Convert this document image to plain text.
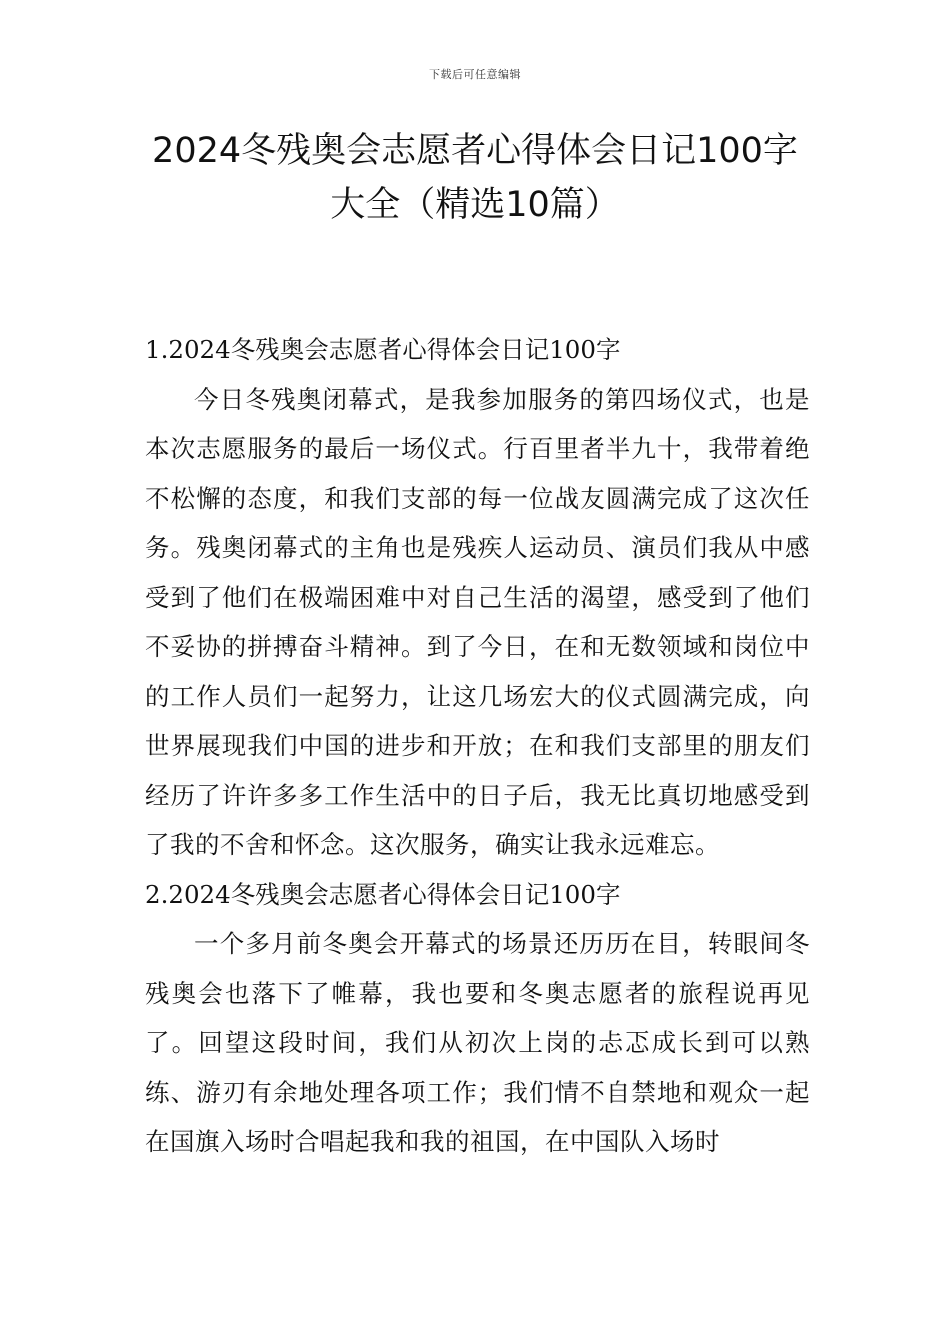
下载后可任意编辑
2024冬残奥会志愿者心得体会日记100字
大全（精选10篇）
1.2024冬残奥会志愿者心得体会日记100字

今日冬残奥闭幕式，是我参加服务的第四场仪式，也是本次志愿服务的最后一场仪式。行百里者半九十，我带着绝不松懈的态度，和我们支部的每一位战友圆满完成了这次任务。残奥闭幕式的主角也是残疾人运动员、演员们我从中感受到了他们在极端困难中对自己生活的渴望，感受到了他们不妥协的拼搏奋斗精神。到了今日，在和无数领域和岗位中的工作人员们一起努力，让这几场宏大的仪式圆满完成，向世界展现我们中国的进步和开放；在和我们支部里的朋友们经历了许许多多工作生活中的日子后，我无比真切地感受到了我的不舍和怀念。这次服务，确实让我永远难忘。

2.2024冬残奥会志愿者心得体会日记100字

一个多月前冬奥会开幕式的场景还历历在目，转眼间冬残奥会也落下了帷幕，我也要和冬奥志愿者的旅程说再见了。回望这段时间，我们从初次上岗的忐忑成长到可以熟练、游刃有余地处理各项工作；我们情不自禁地和观众一起在国旗入场时合唱起我和我的祖国，在中国队入场时
